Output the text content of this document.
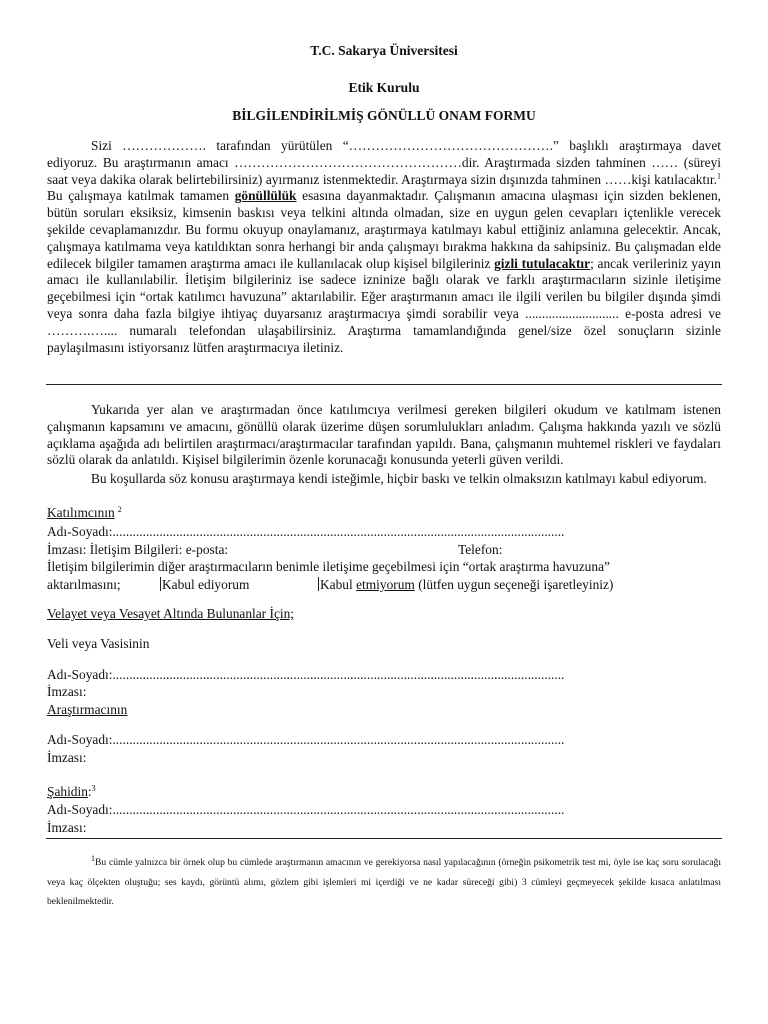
T.C. Sakarya Üniversitesi
Etik Kurulu
BİLGİLENDİRİLMİŞ GÖNÜLLÜ ONAM FORMU
Sizi ………………. tarafından yürütülen “……………………………………….” başlıklı araştırmaya davet ediyoruz. Bu araştırmanın amacı ……………………………………………dir. Araştırmada sizden tahminen …… (süreyi saat veya dakika olarak belirtebilirsiniz) ayırmanız istenmektedir. Araştırmaya sizin dışınızda tahminen ……kişi katılacaktır.$^1$ Bu çalışmaya katılmak tamamen gönüllülük esasına dayanmaktadır. Çalışmanın amacına ulaşması için sizden beklenen, bütün soruları eksiksiz, kimsenin baskısı veya telkini altında olmadan, size en uygun gelen cevapları içtenlikle verecek şekilde cevaplamanızdır. Bu formu okuyup onaylamanız, araştırmaya katılmayı kabul ettiğiniz anlamına gelecektir. Ancak, çalışmaya katılmama veya katıldıktan sonra herhangi bir anda çalışmayı bırakma hakkına da sahipsiniz. Bu çalışmadan elde edilecek bilgiler tamamen araştırma amacı ile kullanılacak olup kişisel bilgileriniz gizli tutulacaktır; ancak verileriniz yayın amacı ile kullanılabilir. İletişim bilgileriniz ise sadece izninize bağlı olarak ve farklı araştırmacıların sizinle iletişime geçebilmesi için “ortak katılımcı havuzuna” aktarılabilir. Eğer araştırmanın amacı ile ilgili verilen bu bilgiler dışında şimdi veya sonra daha fazla bilgiye ihtiyaç duyarsanız araştırmacıya şimdi sorabilir veya ............................ e-posta adresi ve ……….….... numaralı telefondan ulaşabilirsiniz. Araştırma tamamlandığında genel/size özel sonuçların sizinle paylaşılmasını istiyorsanız lütfen araştırmacıya iletiniz.
Yukarıda yer alan ve araştırmadan önce katılımcıya verilmesi gereken bilgileri okudum ve katılmam istenen çalışmanın kapsamını ve amacını, gönüllü olarak üzerime düşen sorumlulukları anladım. Çalışma hakkında yazılı ve sözlü açıklama aşağıda adı belirtilen araştırmacı/araştırmacılar tarafından yapıldı. Bana, çalışmanın muhtemel riskleri ve faydaları sözlü olarak da anlatıldı. Kişisel bilgilerimin özenle korunacağı konusunda yeterli güven verildi.
Bu koşullarda söz konusu araştırmaya kendi isteğimle, hiçbir baskı ve telkin olmaksızın katılmayı kabul ediyorum.
Katılımcının $^2$
Adı-Soyadı:.......................................................................................................................................
İmzası: İletişim Bilgileri: e-posta:	Telefon:
İletişim bilgilerimin diğer araştırmacıların benimle iletişime geçebilmesi için “ortak araştırma havuzuna”
aktarılmasını;	Kabul ediyorum	Kabul etmiyorum (lütfen uygun seçeneği işaretleyiniz)
Velayet veya Vesayet Altında Bulunanlar İçin;
Veli veya Vasisinin
Adı-Soyadı:.......................................................................................................................................
İmzası:
Araştırmacının
Adı-Soyadı:.......................................................................................................................................
İmzası:
Şahidin:$^3$
Adı-Soyadı:.......................................................................................................................................
İmzası:
$^1$Bu cümle yalnızca bir örnek olup bu cümlede araştırmanın amacının ve gerekiyorsa nasıl yapılacağının (örneğin psikometrik test mi, öyle ise kaç soru sorulacağı veya kaç ölçekten oluştuğu; ses kaydı, görüntü alımı, gözlem gibi işlemleri mi içerdiği ve ne kadar süreceği gibi) 3 cümleyi geçmeyecek şekilde kısaca anlatılması beklenilmektedir.
